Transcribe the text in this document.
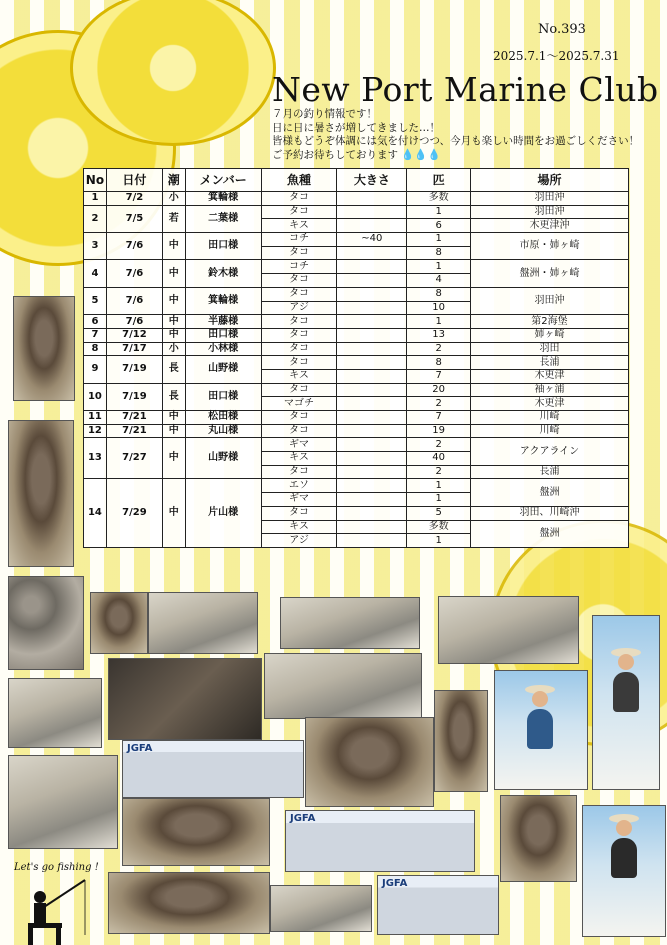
No.393
2025.7.1～2025.7.31
New Port Marine Club
７月の釣り情報です！
日に日に暑さが増してきました…！
皆様もどうぞ体調には気を付けつつ、今月も楽しい時間をお過ごしください！
ご予約お待ちしております 💧💧💧
No	日付	潮	メンバー	魚種	大きさ	匹	場所
1	7/2	小	箕輪様	タコ		多数	羽田沖
2	7/5	若	二葉様	タコ		1	羽田沖
				キス		6	木更津沖
3	7/6	中	田口様	コチ	~40	1	市原・姉ヶ崎
				タコ		8	
4	7/6	中	鈴木様	コチ		1	盤洲・姉ヶ崎
				タコ		4	
5	7/6	中	箕輪様	タコ		8	羽田沖
				アジ		10	
6	7/6	中	半藤様	タコ		1	第2海堡
7	7/12	中	田口様	タコ		13	姉ヶ崎
8	7/17	小	小林様	タコ		2	羽田
9	7/19	長	山野様	タコ		8	長浦
				キス		7	木更津
10	7/19	長	田口様	タコ		20	袖ヶ浦
				マゴチ		2	木更津
11	7/21	中	松田様	タコ		7	川崎
12	7/21	中	丸山様	タコ		19	川崎
13	7/27	中	山野様	ギマ		2	アクアライン
				キス		40	
				タコ		2	長浦
14	7/29	中	片山様	エソ		1	盤洲
				ギマ		1	
				タコ		5	羽田、川崎沖
				キス		多数	盤洲
				アジ		1	
JGFA
JGFA
JGFA
Let's go fishing !
